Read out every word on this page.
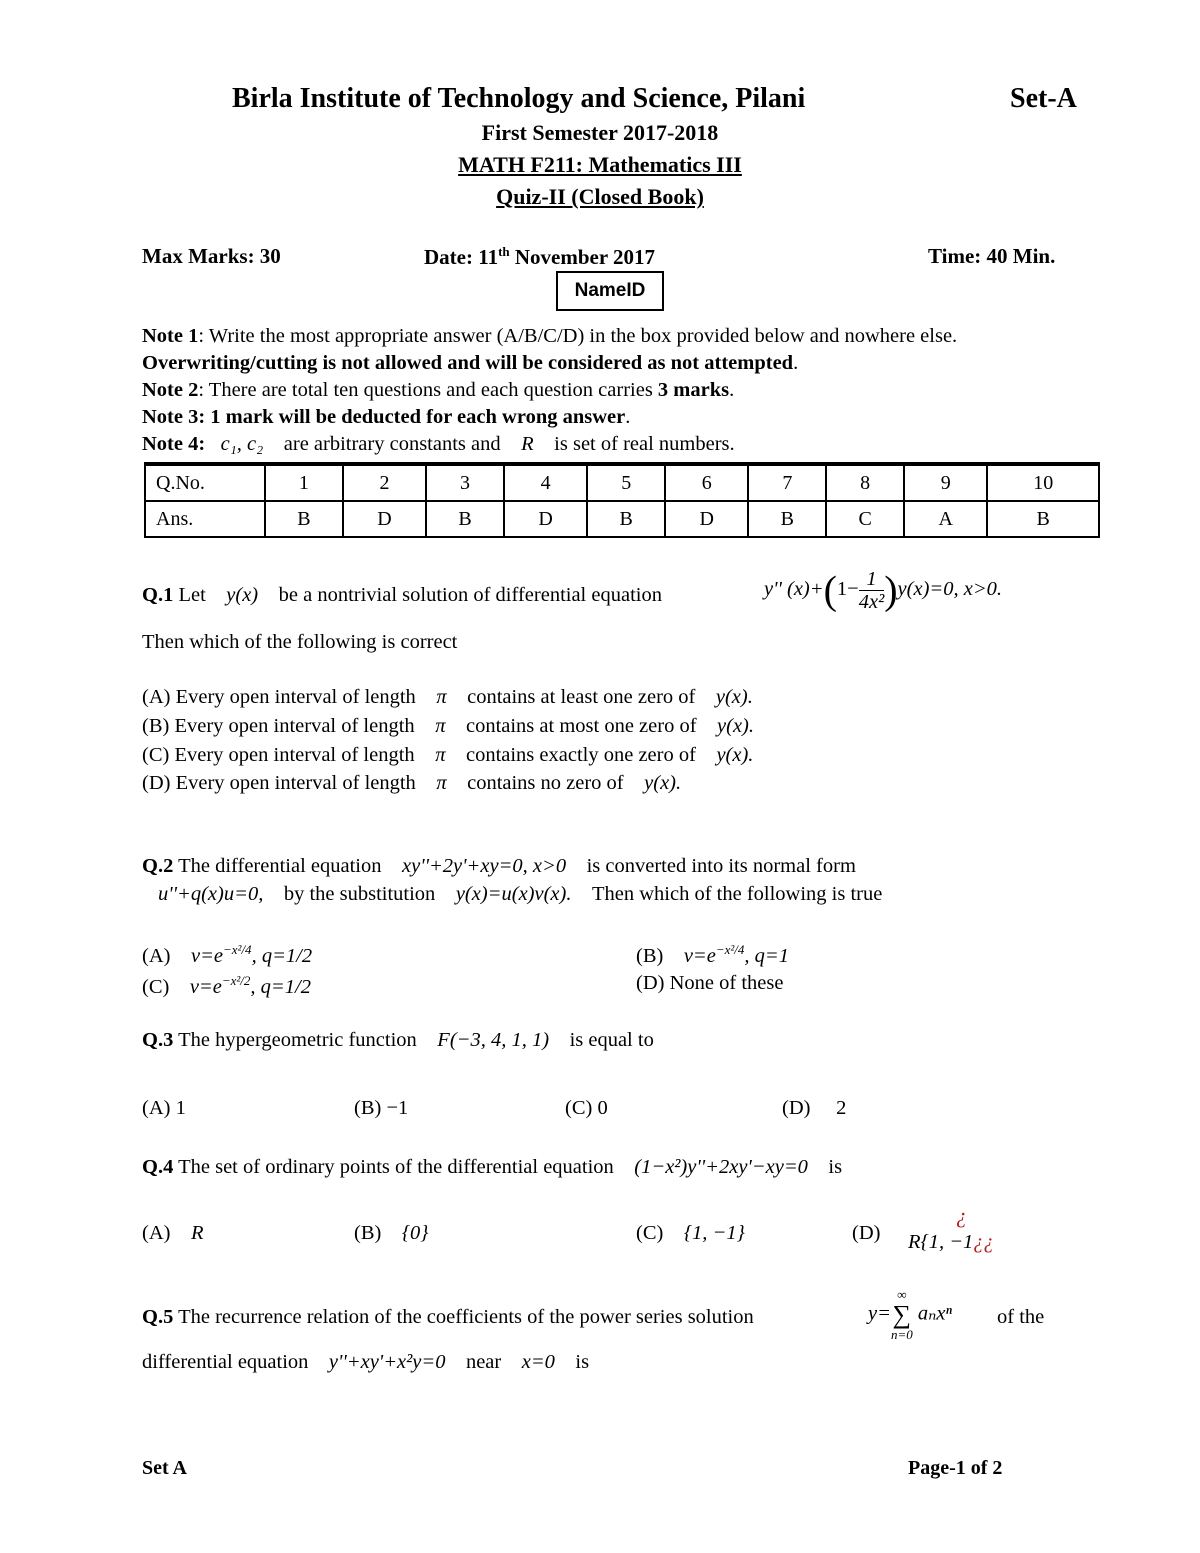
Birla Institute of Technology and Science, Pilani	Set-A
First Semester 2017-2018
MATH F211: Mathematics III
Quiz-II (Closed Book)
Max Marks: 30	Date: 11th November 2017	Time: 40 Min.
NameID
Note 1: Write the most appropriate answer (A/B/C/D) in the box provided below and nowhere else.
Overwriting/cutting is not allowed and will be considered as not attempted.
Note 2: There are total ten questions and each question carries 3 marks.
Note 3: 1 mark will be deducted for each wrong answer.
Note 4: c₁, c₂ are arbitrary constants and R is set of real numbers.
Q.No.	1	2	3	4	5	6	7	8	9	10
Ans.	B	D	B	D	B	D	B	C	A	B
Q.1 Let y(x) be a nontrivial solution of differential equation	y'' $(x)+(1- \frac{1}{\text{4x²}} )y(x)=0$, x>0.
Then which of the following is correct
(A) Every open interval of length π contains at least one zero of y(x).
(B) Every open interval of length π contains at most one zero of y(x).
(C) Every open interval of length π contains exactly one zero of y(x).
(D) Every open interval of length π contains no zero of y(x).
Q.2 The differential equation xy''+2y'+xy=0, x>0 is converted into its normal form
u''+q(x)u=0, by the substitution y(x)=u(x)v(x). Then which of the following is true
(A) $v=e^{-x^2/4}$, q=1/2	(B) $v=e^{-x^2/4}$, q=1
(C) $v=e^{-x^2/2}$, q=1/2	(D) None of these
Q.3 The hypergeometric function F(−3, 4, 1, 1) is equal to
(A) 1	(B) −1	(C) 0	(D)     2
Q.4 The set of ordinary points of the differential equation (1−x²)y''+2xy'−xy=0 is
(A) R	(B) {0}	(C) {1, −1}	(D)
¿
R{1, −1¿¿
Q.5 The recurrence relation of the coefficients of the power series solution	y=
∞
∑
n=0
aₙxⁿ of the
differential equation y''+xy'+x²y=0 near x=0 is
Set A	Page-1 of 2
